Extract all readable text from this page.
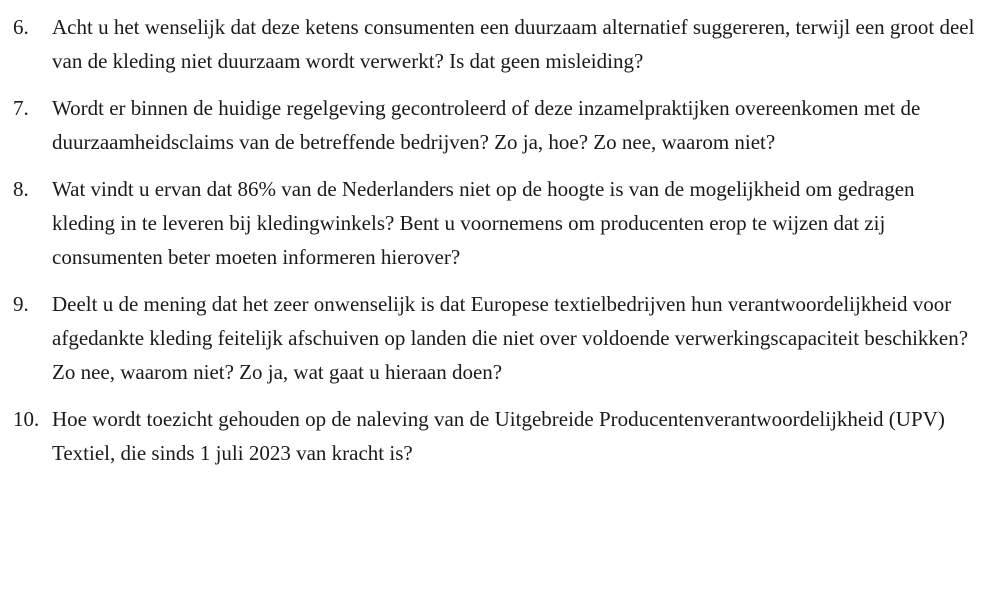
6. Acht u het wenselijk dat deze ketens consumenten een duurzaam alternatief suggereren, terwijl een groot deel van de kleding niet duurzaam wordt verwerkt? Is dat geen misleiding?
7. Wordt er binnen de huidige regelgeving gecontroleerd of deze inzamelpraktijken overeenkomen met de duurzaamheidsclaims van de betreffende bedrijven? Zo ja, hoe? Zo nee, waarom niet?
8. Wat vindt u ervan dat 86% van de Nederlanders niet op de hoogte is van de mogelijkheid om gedragen kleding in te leveren bij kledingwinkels? Bent u voornemens om producenten erop te wijzen dat zij consumenten beter moeten informeren hierover?
9. Deelt u de mening dat het zeer onwenselijk is dat Europese textielbedrijven hun verantwoordelijkheid voor afgedankte kleding feitelijk afschuiven op landen die niet over voldoende verwerkingscapaciteit beschikken? Zo nee, waarom niet? Zo ja, wat gaat u hieraan doen?
10. Hoe wordt toezicht gehouden op de naleving van de Uitgebreide Producentenverantwoordelijkheid (UPV) Textiel, die sinds 1 juli 2023 van kracht is?
